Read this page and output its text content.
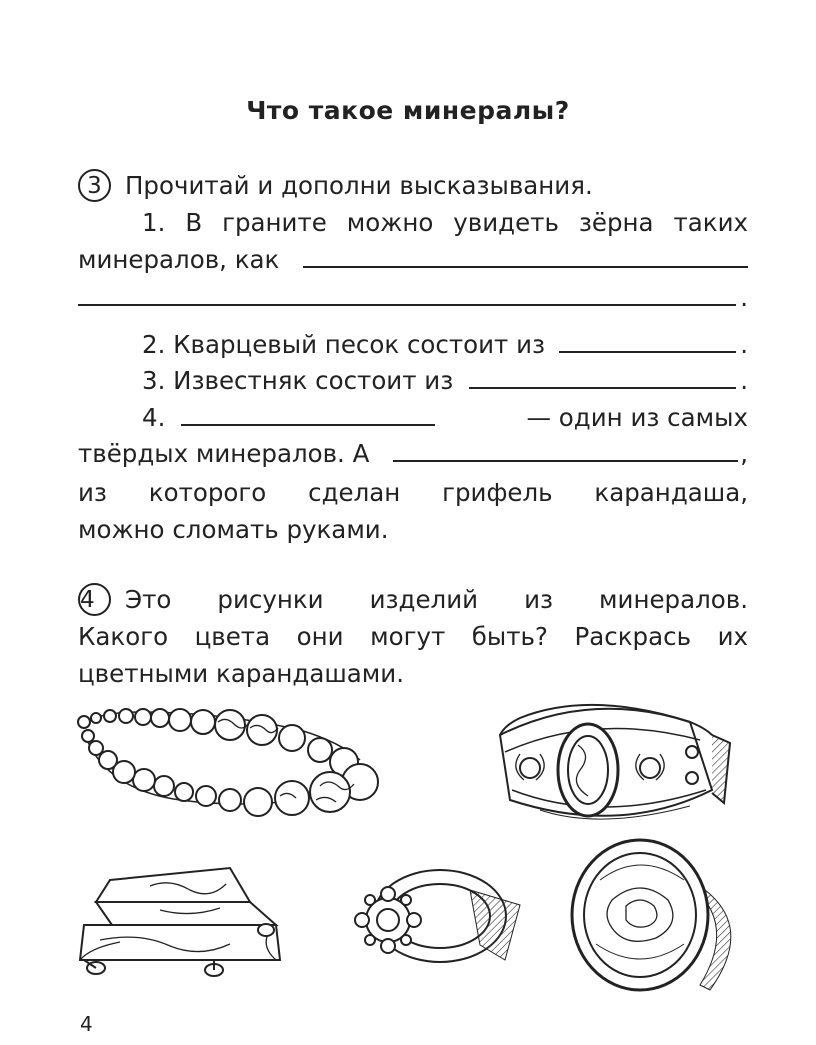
Что такое минералы?
3 Прочитай и дополни высказывания.
1. В граните можно увидеть зёрна таких
минералов, как
.
2. Кварцевый песок состоит из	.
3. Известняк состоит из	.
4.	— один из самых
твёрдых минералов. А	,
из которого сделан грифель карандаша,
можно сломать руками.
4 Это рисунки изделий из минералов.
Какого цвета они могут быть? Раскрась их
цветными карандашами.
4
